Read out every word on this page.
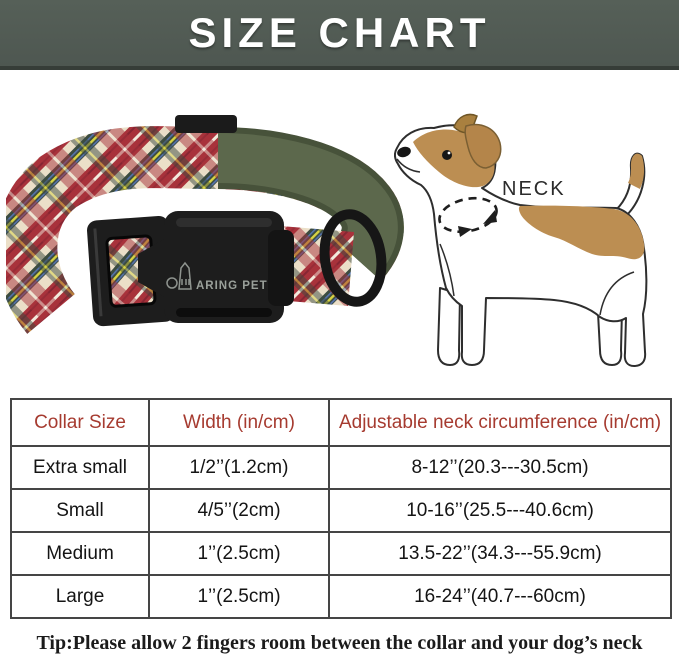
SIZE CHART
ARING PET
NECK
Collar Size	Width (in/cm)	Adjustable neck circumference (in/cm)
Extra small	1/2’’(1.2cm)	8-12’’(20.3---30.5cm)
Small	4/5’’(2cm)	10-16’’(25.5---40.6cm)
Medium	1’’(2.5cm)	13.5-22’’(34.3---55.9cm)
Large	1’’(2.5cm)	16-24’’(40.7---60cm)
Tip:Please allow 2 fingers room between the collar and your dog’s neck
